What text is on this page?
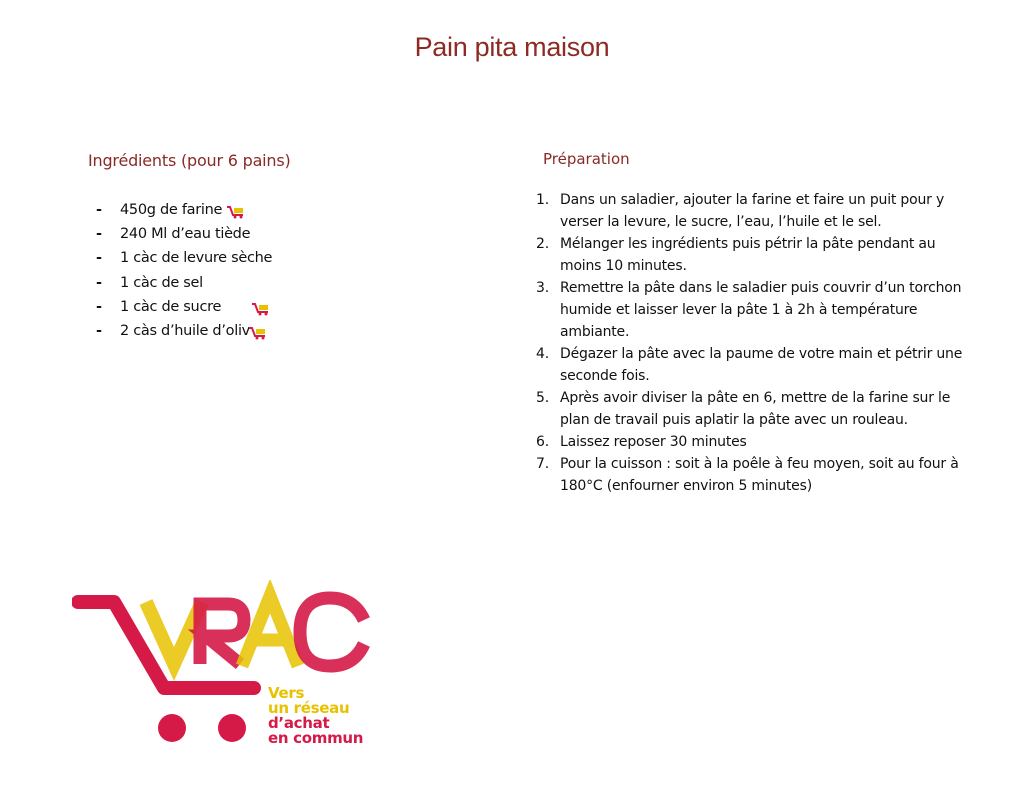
Pain pita maison
Ingrédients (pour 6 pains)
- 450g de farine
- 240 Ml d’eau tiède
- 1 càc de levure sèche
- 1 càc de sel
- 1 càc de sucre
- 2 càs d’huile d’oliv
Préparation
1. Dans un saladier, ajouter la farine et faire un puit pour y verser la levure, le sucre, l’eau, l’huile et le sel.
2. Mélanger les ingrédients puis pétrir la pâte pendant au moins 10 minutes.
3. Remettre la pâte dans le saladier puis couvrir d’un torchon humide et laisser lever la pâte 1 à 2h à température ambiante.
4. Dégazer la pâte avec la paume de votre main et pétrir une seconde fois.
5. Après avoir diviser la pâte en 6, mettre de la farine sur le plan de travail puis aplatir la pâte avec un rouleau.
6. Laissez reposer 30 minutes
7. Pour la cuisson : soit à la poêle à feu moyen, soit au four à 180°C (enfourner environ 5 minutes)
Vers
un réseau
d’achat
en commun
